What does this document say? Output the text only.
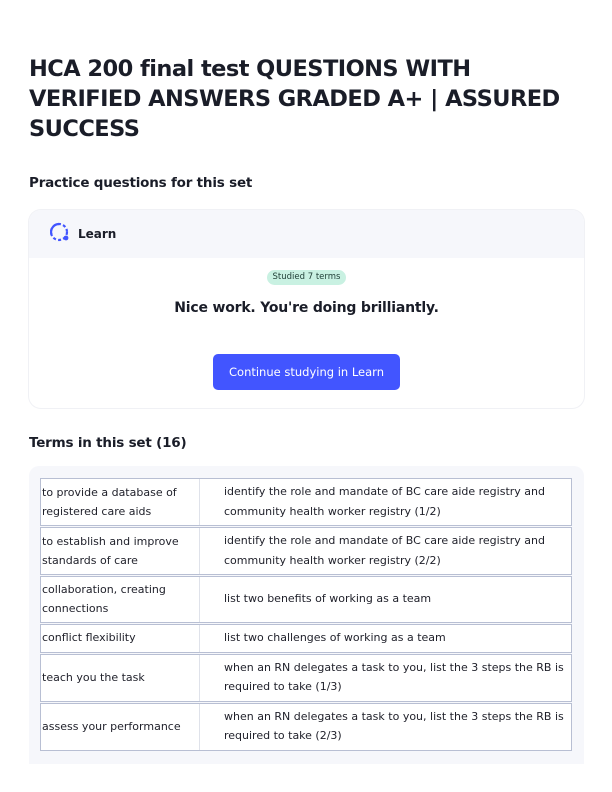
HCA 200 final test QUESTIONS WITH VERIFIED ANSWERS GRADED A+ | ASSURED SUCCESS
Practice questions for this set
Learn
Studied 7 terms
Nice work. You're doing brilliantly.
Continue studying in Learn
Terms in this set (16)
to provide a database of registered care aids
identify the role and mandate of BC care aide registry and community health worker registry (1/2)
to establish and improve standards of care
identify the role and mandate of BC care aide registry and community health worker registry (2/2)
collaboration, creating connections
list two benefits of working as a team
conflict flexibility	list two challenges of working as a team
teach you the task
when an RN delegates a task to you, list the 3 steps the RB is required to take (1/3)
assess your performance
when an RN delegates a task to you, list the 3 steps the RB is required to take (2/3)
